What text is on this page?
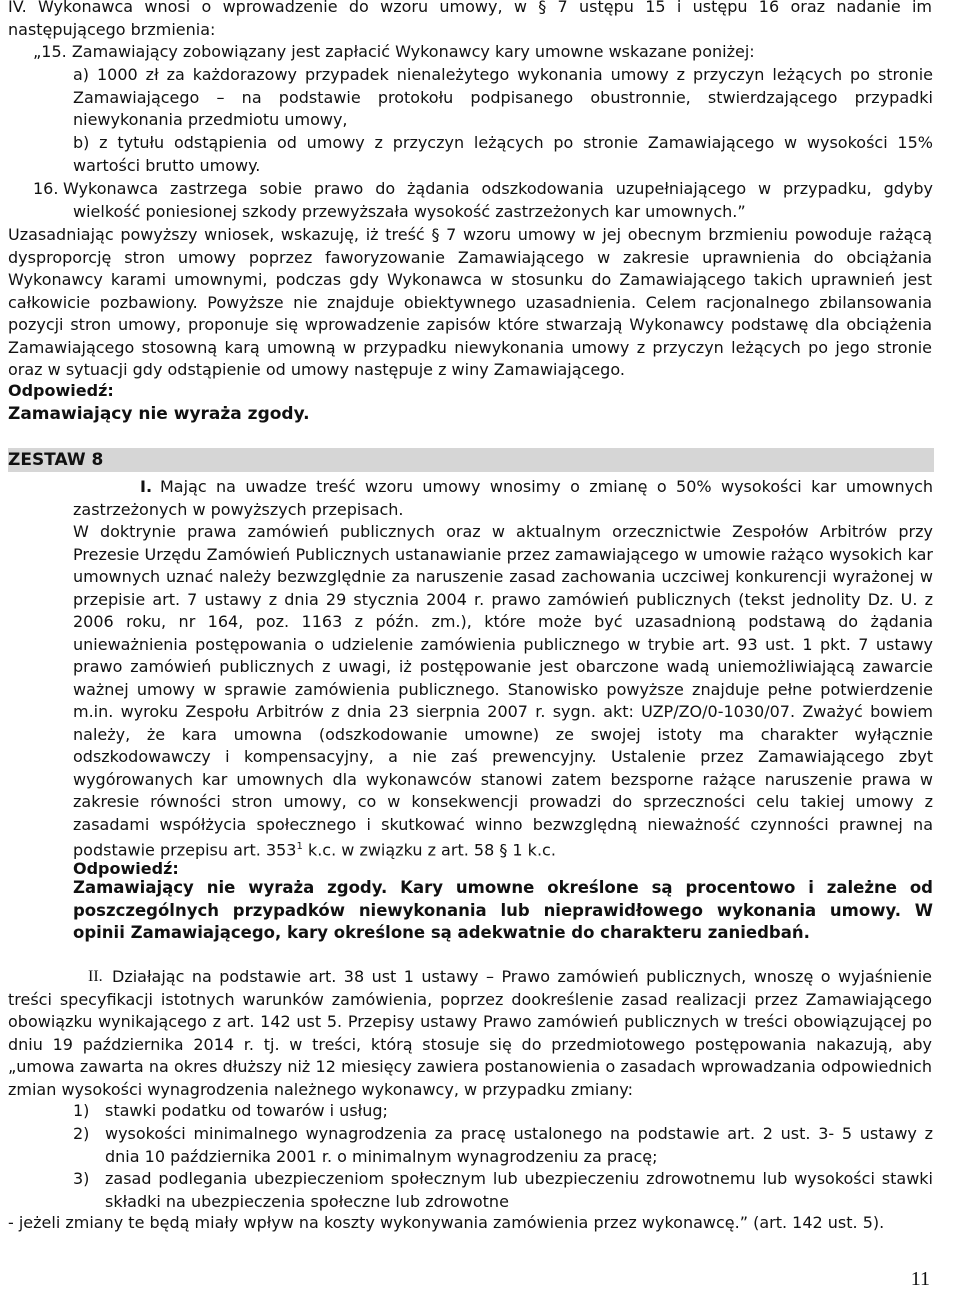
IV. Wykonawca wnosi o wprowadzenie do wzoru umowy, w § 7 ustępu 15 i ustępu 16 oraz nadanie im następującego brzmienia:

„15. Zamawiający zobowiązany jest zapłacić Wykonawcy kary umowne wskazane poniżej:

a) 1000 zł za każdorazowy przypadek nienależytego wykonania umowy z przyczyn leżących po stronie Zamawiającego – na podstawie protokołu podpisanego obustronnie, stwierdzającego przypadki niewykonania przedmiotu umowy,

b) z tytułu odstąpienia od umowy z przyczyn leżących po stronie Zamawiającego w wysokości 15% wartości brutto umowy.

16. Wykonawca zastrzega sobie prawo do żądania odszkodowania uzupełniającego w przypadku, gdyby wielkość poniesionej szkody przewyższała wysokość zastrzeżonych kar umownych.”

Uzasadniając powyższy wniosek, wskazuję, iż treść § 7 wzoru umowy w jej obecnym brzmieniu powoduje rażącą dysproporcję stron umowy poprzez faworyzowanie Zamawiającego w zakresie uprawnienia do obciążania Wykonawcy karami umownymi, podczas gdy Wykonawca w stosunku do Zamawiającego takich uprawnień jest całkowicie pozbawiony. Powyższe nie znajduje obiektywnego uzasadnienia. Celem racjonalnego zbilansowania pozycji stron umowy, proponuje się wprowadzenie zapisów które stwarzają Wykonawcy podstawę dla obciążenia Zamawiającego stosowną karą umowną w przypadku niewykonania umowy z przyczyn leżących po jego stronie oraz w sytuacji gdy odstąpienie od umowy następuje z winy Zamawiającego.

Odpowiedź:

Zamawiający nie wyraża zgody.

ZESTAW 8
I. Mając na uwadze treść wzoru umowy wnosimy o zmianę o 50% wysokości kar umownych zastrzeżonych w powyższych przepisach.

W doktrynie prawa zamówień publicznych oraz w aktualnym orzecznictwie Zespołów Arbitrów przy Prezesie Urzędu Zamówień Publicznych ustanawianie przez zamawiającego w umowie rażąco wysokich kar umownych uznać należy bezwzględnie za naruszenie zasad zachowania uczciwej konkurencji wyrażonej w przepisie art. 7 ustawy z dnia 29 stycznia 2004 r. prawo zamówień publicznych (tekst jednolity Dz. U. z 2006 roku, nr 164, poz. 1163 z późn. zm.), które może być uzasadnioną podstawą do żądania unieważnienia postępowania o udzielenie zamówienia publicznego w trybie art. 93 ust. 1 pkt. 7 ustawy prawo zamówień publicznych z uwagi, iż postępowanie jest obarczone wadą uniemożliwiającą zawarcie ważnej umowy w sprawie zamówienia publicznego. Stanowisko powyższe znajduje pełne potwierdzenie m.in. wyroku Zespołu Arbitrów z dnia 23 sierpnia 2007 r. sygn. akt: UZP/ZO/0-1030/07. Zważyć bowiem należy, że kara umowna (odszkodowanie umowne) ze swojej istoty ma charakter wyłącznie odszkodowawczy i kompensacyjny, a nie zaś prewencyjny. Ustalenie przez Zamawiającego zbyt wygórowanych kar umownych dla wykonawców stanowi zatem bezsporne rażące naruszenie prawa w zakresie równości stron umowy, co w konsekwencji prowadzi do sprzeczności celu takiej umowy z zasadami współżycia społecznego i skutkować winno bezwzględną nieważność czynności prawnej na podstawie przepisu art. $353^1$ k.c. w związku z art. 58 § 1 k.c.

Odpowiedź:

Zamawiający nie wyraża zgody. Kary umowne określone są procentowo i zależne od poszczególnych przypadków niewykonania lub nieprawidłowego wykonania umowy. W opinii Zamawiającego, kary określone są adekwatnie do charakteru zaniedbań.

II. Działając na podstawie art. 38 ust 1 ustawy – Prawo zamówień publicznych, wnoszę o wyjaśnienie treści specyfikacji istotnych warunków zamówienia, poprzez dookreślenie zasad realizacji przez Zamawiającego obowiązku wynikającego z art. 142 ust 5. Przepisy ustawy Prawo zamówień publicznych w treści obowiązującej po dniu 19 października 2014 r. tj. w treści, którą stosuje się do przedmiotowego postępowania nakazują, aby „umowa zawarta na okres dłuższy niż 12 miesięcy zawiera postanowienia o zasadach wprowadzania odpowiednich zmian wysokości wynagrodzenia należnego wykonawcy, w przypadku zmiany:

1) stawki podatku od towarów i usług;
2) wysokości minimalnego wynagrodzenia za pracę ustalonego na podstawie art. 2 ust. 3- 5 ustawy z dnia 10 października 2001 r. o minimalnym wynagrodzeniu za pracę;
3) zasad podlegania ubezpieczeniom społecznym lub ubezpieczeniu zdrowotnemu lub wysokości stawki składki na ubezpieczenia społeczne lub zdrowotne

- jeżeli zmiany te będą miały wpływ na koszty wykonywania zamówienia przez wykonawcę.” (art. 142 ust. 5).

11
